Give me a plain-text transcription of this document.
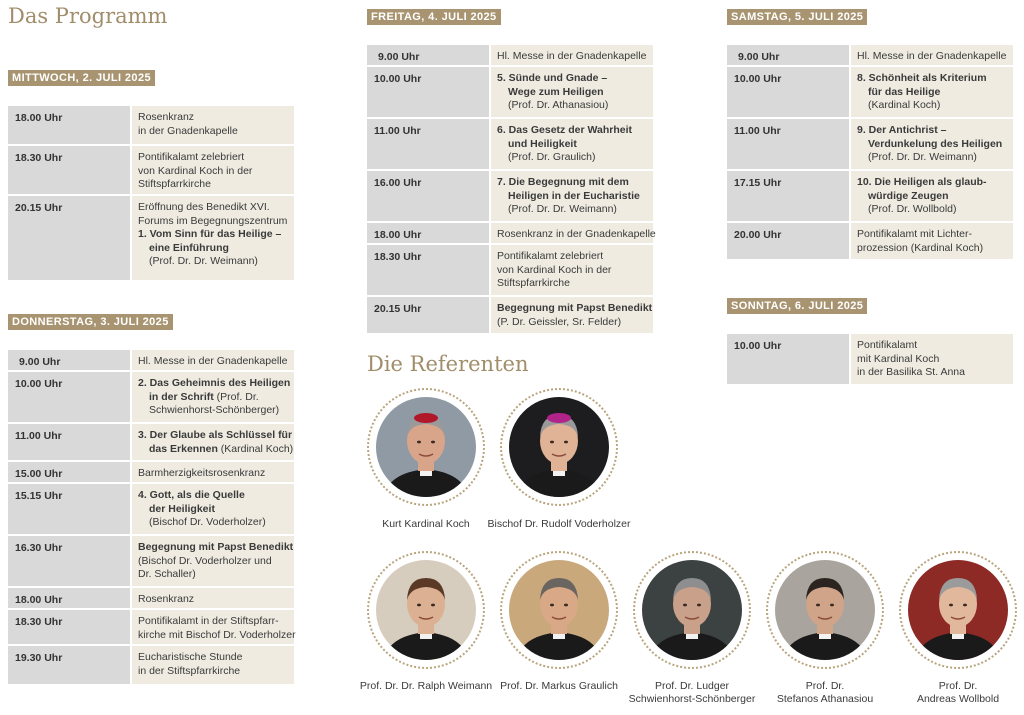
Das Programm
Die Referenten
MITTWOCH, 2. JULI 2025
18.00 Uhr	Rosenkranz
in der Gnadenkapelle
18.30 Uhr	Pontifikalamt zelebriert
von Kardinal Koch in der
Stiftspfarrkirche
20.15 Uhr	Eröffnung des Benedikt XVI.
Forums im Begegnungszentrum
1. Vom Sinn für das Heilige –
eine Einführung
(Prof. Dr. Dr. Weimann)
DONNERSTAG, 3. JULI 2025
9.00 Uhr	Hl. Messe in der Gnadenkapelle
10.00 Uhr	2. Das Geheimnis des Heiligen
in der Schrift (Prof. Dr.
Schwienhorst-Schönberger)
11.00 Uhr	3. Der Glaube als Schlüssel für
das Erkennen (Kardinal Koch)
15.00 Uhr	Barmherzigkeitsrosenkranz
15.15 Uhr	4. Gott, als die Quelle
der Heiligkeit
(Bischof Dr. Voderholzer)
16.30 Uhr	Begegnung mit Papst Benedikt
(Bischof Dr. Voderholzer und
Dr. Schaller)
18.00 Uhr	Rosenkranz
18.30 Uhr	Pontifikalamt in der Stiftspfarr-
kirche mit Bischof Dr. Voderholzer
19.30 Uhr	Eucharistische Stunde
in der Stiftspfarrkirche
FREITAG, 4. JULI 2025
9.00 Uhr	Hl. Messe in der Gnadenkapelle
10.00 Uhr	5. Sünde und Gnade –
Wege zum Heiligen
(Prof. Dr. Athanasiou)
11.00 Uhr	6. Das Gesetz der Wahrheit
und Heiligkeit
(Prof. Dr. Graulich)
16.00 Uhr	7. Die Begegnung mit dem
Heiligen in der Eucharistie
(Prof. Dr. Dr. Weimann)
18.00 Uhr	Rosenkranz in der Gnadenkapelle
18.30 Uhr	Pontifikalamt zelebriert
von Kardinal Koch in der
Stiftspfarrkirche
20.15 Uhr	Begegnung mit Papst Benedikt
(P. Dr. Geissler, Sr. Felder)
SAMSTAG, 5. JULI 2025
9.00 Uhr	Hl. Messe in der Gnadenkapelle
10.00 Uhr	8. Schönheit als Kriterium
für das Heilige
(Kardinal Koch)
11.00 Uhr	9. Der Antichrist –
Verdunkelung des Heiligen
(Prof. Dr. Dr. Weimann)
17.15 Uhr	10. Die Heiligen als glaub-
würdige Zeugen
(Prof. Dr. Wollbold)
20.00 Uhr	Pontifikalamt mit Lichter-
prozession (Kardinal Koch)
SONNTAG, 6. JULI 2025
10.00 Uhr	Pontifikalamt
mit Kardinal Koch
in der Basilika St. Anna
Kurt Kardinal Koch	Bischof Dr. Rudolf Voderholzer
Prof. Dr. Dr. Ralph Weimann Prof. Dr. Markus Graulich	Prof. Dr. Ludger
Schwienhorst-Schönberger
Prof. Dr.
Stefanos Athanasiou
Prof. Dr.
Andreas Wollbold
